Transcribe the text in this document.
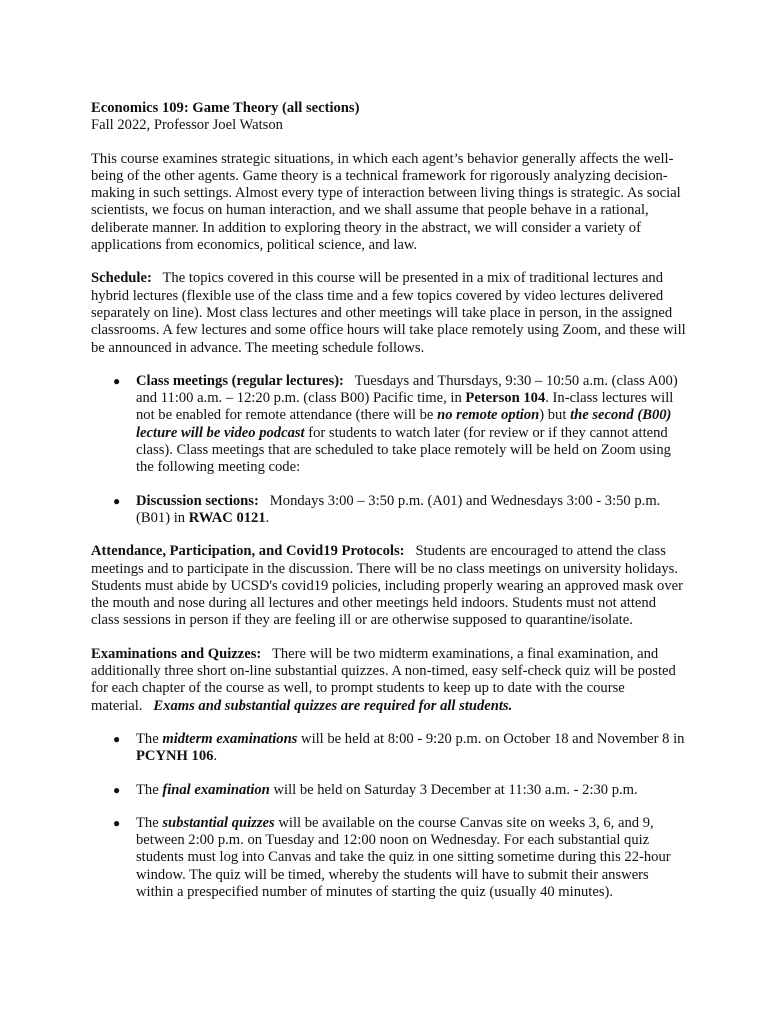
Economics 109: Game Theory (all sections)

Fall 2022, Professor Joel Watson

This course examines strategic situations, in which each agent’s behavior generally affects the well-being of the other agents. Game theory is a technical framework for rigorously analyzing decision-making in such settings. Almost every type of interaction between living things is strategic. As social scientists, we focus on human interaction, and we shall assume that people behave in a rational, deliberate manner. In addition to exploring theory in the abstract, we will consider a variety of applications from economics, political science, and law.

Schedule: The topics covered in this course will be presented in a mix of traditional lectures and hybrid lectures (flexible use of the class time and a few topics covered by video lectures delivered separately on line). Most class lectures and other meetings will take place in person, in the assigned classrooms. A few lectures and some office hours will take place remotely using Zoom, and these will be announced in advance. The meeting schedule follows.

● Class meetings (regular lectures): Tuesdays and Thursdays, 9:30 – 10:50 a.m. (class A00) and 11:00 a.m. – 12:20 p.m. (class B00) Pacific time, in Peterson 104. In-class lectures will not be enabled for remote attendance (there will be no remote option) but the second (B00) lecture will be video podcast for students to watch later (for review or if they cannot attend class). Class meetings that are scheduled to take place remotely will be held on Zoom using the following meeting code:
● Discussion sections: Mondays 3:00 – 3:50 p.m. (A01) and Wednesdays 3:00 - 3:50 p.m. (B01) in RWAC 0121.

Attendance, Participation, and Covid19 Protocols: Students are encouraged to attend the class meetings and to participate in the discussion. There will be no class meetings on university holidays. Students must abide by UCSD's covid19 policies, including properly wearing an approved mask over the mouth and nose during all lectures and other meetings held indoors. Students must not attend class sessions in person if they are feeling ill or are otherwise supposed to quarantine/isolate.

Examinations and Quizzes: There will be two midterm examinations, a final examination, and additionally three short on-line substantial quizzes. A non-timed, easy self-check quiz will be posted for each chapter of the course as well, to prompt students to keep up to date with the course material. Exams and substantial quizzes are required for all students.

● The midterm examinations will be held at 8:00 - 9:20 p.m. on October 18 and November 8 in PCYNH 106.
● The final examination will be held on Saturday 3 December at 11:30 a.m. - 2:30 p.m.
● The substantial quizzes will be available on the course Canvas site on weeks 3, 6, and 9, between 2:00 p.m. on Tuesday and 12:00 noon on Wednesday. For each substantial quiz students must log into Canvas and take the quiz in one sitting sometime during this 22-hour window. The quiz will be timed, whereby the students will have to submit their answers within a prespecified number of minutes of starting the quiz (usually 40 minutes).
